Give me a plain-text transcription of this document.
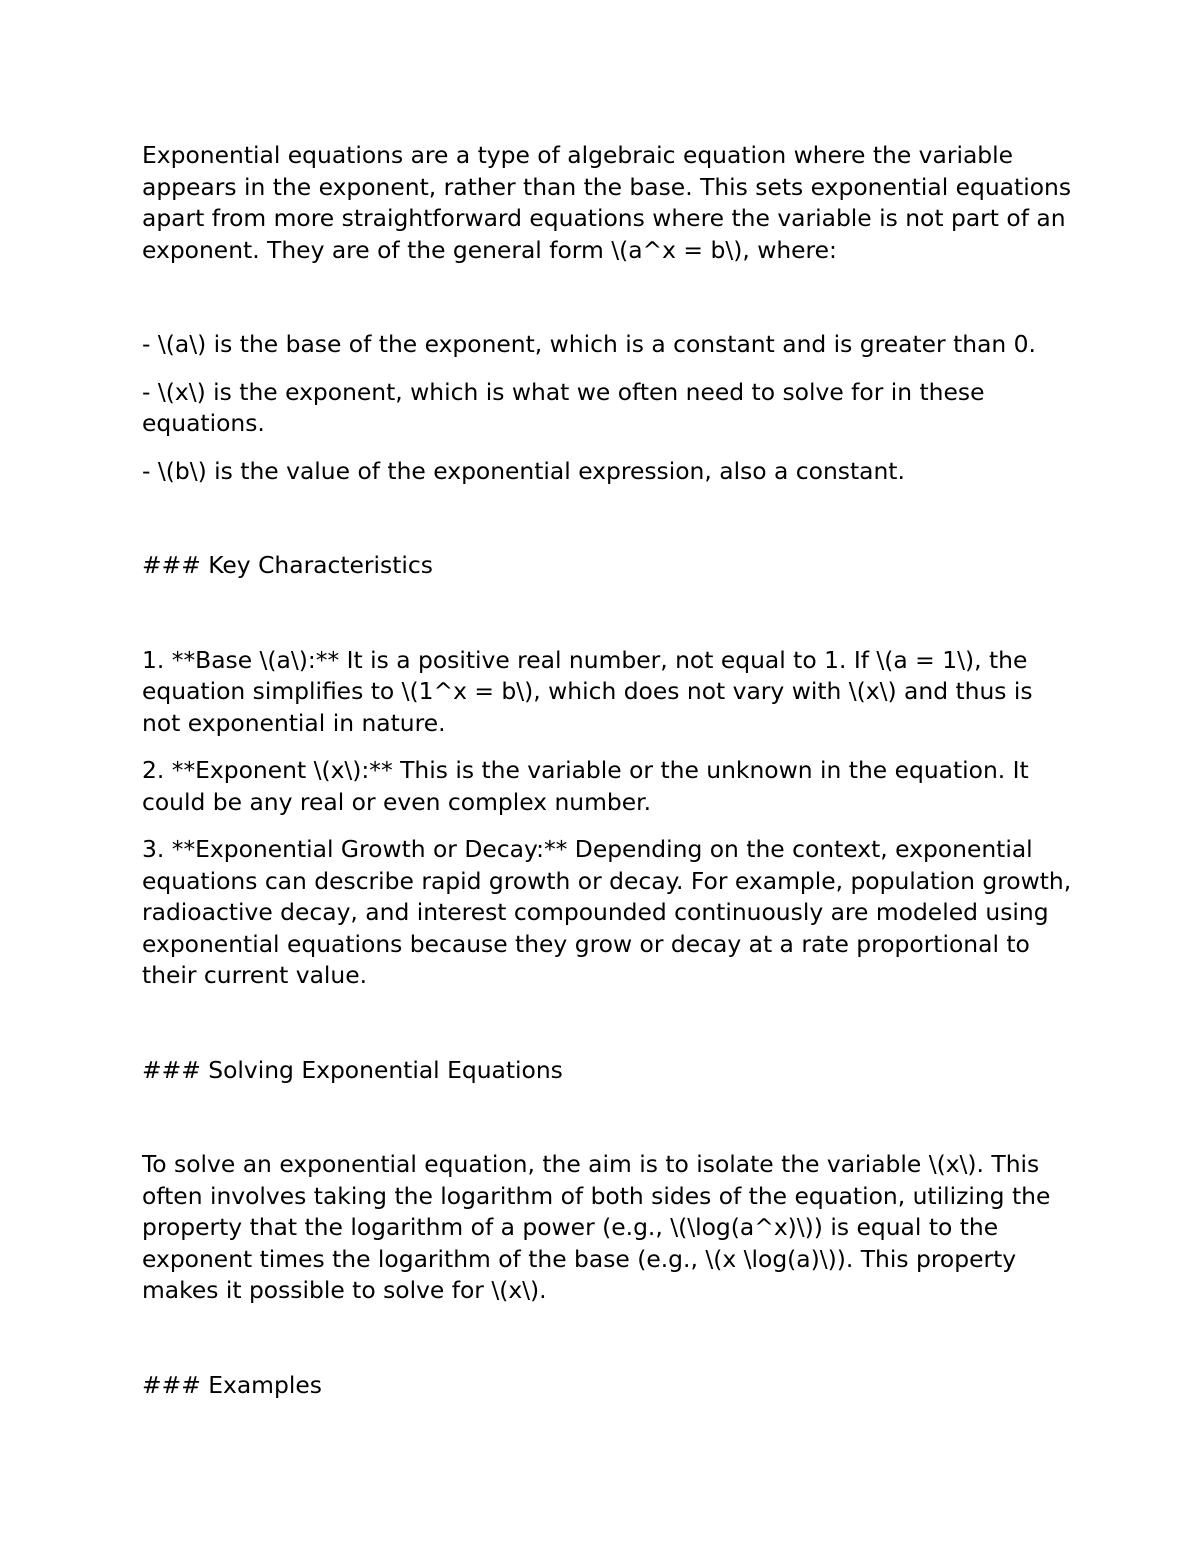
Exponential equations are a type of algebraic equation where the variable appears in the exponent, rather than the base. This sets exponential equations apart from more straightforward equations where the variable is not part of an exponent. They are of the general form \(a^x = b\), where:

- \(a\) is the base of the exponent, which is a constant and is greater than 0.

- \(x\) is the exponent, which is what we often need to solve for in these equations.

- \(b\) is the value of the exponential expression, also a constant.

### Key Characteristics

1. **Base \(a\):** It is a positive real number, not equal to 1. If \(a = 1\), the equation simplifies to \(1^x = b\), which does not vary with \(x\) and thus is not exponential in nature.

2. **Exponent \(x\):** This is the variable or the unknown in the equation. It could be any real or even complex number.

3. **Exponential Growth or Decay:** Depending on the context, exponential equations can describe rapid growth or decay. For example, population growth, radioactive decay, and interest compounded continuously are modeled using exponential equations because they grow or decay at a rate proportional to their current value.

### Solving Exponential Equations

To solve an exponential equation, the aim is to isolate the variable \(x\). This often involves taking the logarithm of both sides of the equation, utilizing the property that the logarithm of a power (e.g., \(\log(a^x)\)) is equal to the exponent times the logarithm of the base (e.g., \(x \log(a)\)). This property makes it possible to solve for \(x\).

### Examples
